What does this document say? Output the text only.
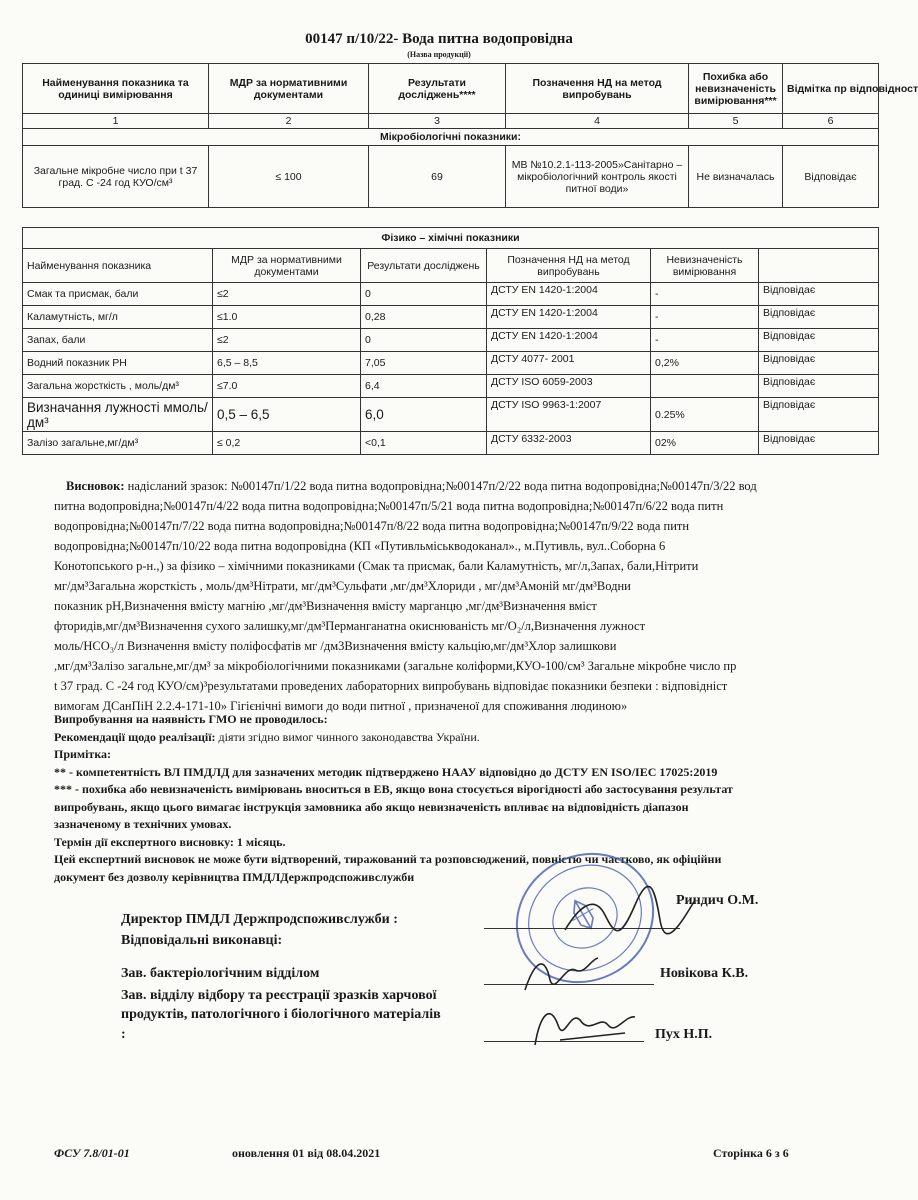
00147 п/10/22- Вода питна водопровідна
(Назва продукції)
Найменування показника та одиниці вимірювання	МДР за нормативними документами	Результати досліджень****	Позначення НД на метод випробувань	Похибка або невизначеність вимірювання***	Відмітка пр відповідност
1	2	3	4	5	6
Мікробіологічні показники:					
Загальне мікробне число при t 37 град. С -24 год КУО/см³	≤ 100	69	МВ №10.2.1-113-2005»Санітарно – мікробіологічний контроль якості питної води»	Не визначалась	Відповідає
Фізико – хімічні показники					
Найменування показника	МДР за нормативними документами	Результати досліджень	Позначення НД на метод випробувань	Невизначеність вимірювання	
Смак та присмак, бали	≤2	0	ДСТУ EN 1420-1:2004	-	Відповідає
Каламутність, мг/л	≤1.0	0,28	ДСТУ EN 1420-1:2004	-	Відповідає
Запах, бали	≤2	0	ДСТУ EN 1420-1:2004	-	Відповідає
Водний показник РН	6,5 – 8,5	7,05	ДСТУ 4077- 2001	0,2%	Відповідає
Загальна жорсткість , моль/дм³	≤7.0	6,4	ДСТУ ISO 6059-2003		Відповідає
Визначання лужності ммоль/дм³	0,5 – 6,5	6,0	ДСТУ ISO 9963-1:2007	0.25%	Відповідає
Залізо загальне,мг/дм³	≤ 0,2	<0,1	ДСТУ 6332-2003	02%	Відповідає
Висновок: надісланий зразок: №00147п/1/22 вода питна водопровідна;№00147п/2/22 вода питна водопровідна;№00147п/3/22 вод
питна водопровідна;№00147п/4/22 вода питна водопровідна;№00147п/5/21 вода питна водопровідна;№00147п/6/22 вода питн
водопровідна;№00147п/7/22 вода питна водопровідна;№00147п/8/22 вода питна водопровідна;№00147п/9/22 вода питн
водопровідна;№00147п/10/22 вода питна водопровідна (КП «Путивльміськводоканал»., м.Путивль, вул..Соборна 6
Конотопського р-н.,) за фізико – хімічними показниками (Смак та присмак, бали Каламутність, мг/л,Запах, бали,Нітрити
мг/дм³Загальна жорсткість , моль/дм³Нітрати, мг/дм³Сульфати ,мг/дм³Хлориди , мг/дм³Амоній мг/дм³Водни
показник рН,Визначення вмісту магнію ,мг/дм³Визначення вмісту марганцю ,мг/дм³Визначення вміст
фторидів,мг/дм³Визначення сухого залишку,мг/дм³Перманганатна окиснюваність мг/О₂/л,Визначення лужност
моль/НСО₃/л Визначення вмісту поліфосфатів мг /дм3Визначення вмісту кальцію,мг/дм³Хлор залишкови
,мг/дм³Залізо загальне,мг/дм³ за мікробіологічними показниками (загальне коліформи,КУО-100/см³ Загальне мікробне число пр
t 37 град. С -24 год КУО/см)³результатами проведених лабораторних випробувань відповідає показники безпеки : відповідніст
вимогам ДСанПіН 2.2.4-171-10» Гігієнічні вимоги до води питної , призначеної для споживання людиною»
Випробування на наявність ГМО не проводилось:
Рекомендації щодо реалізації: діяти згідно вимог чинного законодавства України.
Примітка:
** - компетентність ВЛ ПМДЛД для зазначених методик підтверджено НААУ відповідно до ДСТУ EN ISO/IEC 17025:2019
*** - похибка або невизначеність вимірювань вноситься в ЕВ, якщо вона стосується вірогідності або застосування результат
випробувань, якщо цього вимагає інструкція замовника або якщо невизначеність впливає на відповідність діапазон
зазначеному в технічних умовах.
Термін дії експертного висновку: 1 місяць.
Цей експертний висновок не може бути відтворений, тиражований та розповсюджений, повністю чи частково, як офіційни
документ без дозволу керівництва ПМДЛДержпродспоживслужби
Директор ПМДЛ Держпродспоживслужби :
Риндич О.М.
Відповідальні виконавці:
Зав. бактеріологічним відділом	Новікова К.В.
Зав. відділу відбору та реєстрації зразків харчової
продуктів, патологічного і біологічного матеріалів
:	Пух Н.П.
ФСУ 7.8/01-01	оновлення 01 від 08.04.2021	Сторінка 6 з 6
